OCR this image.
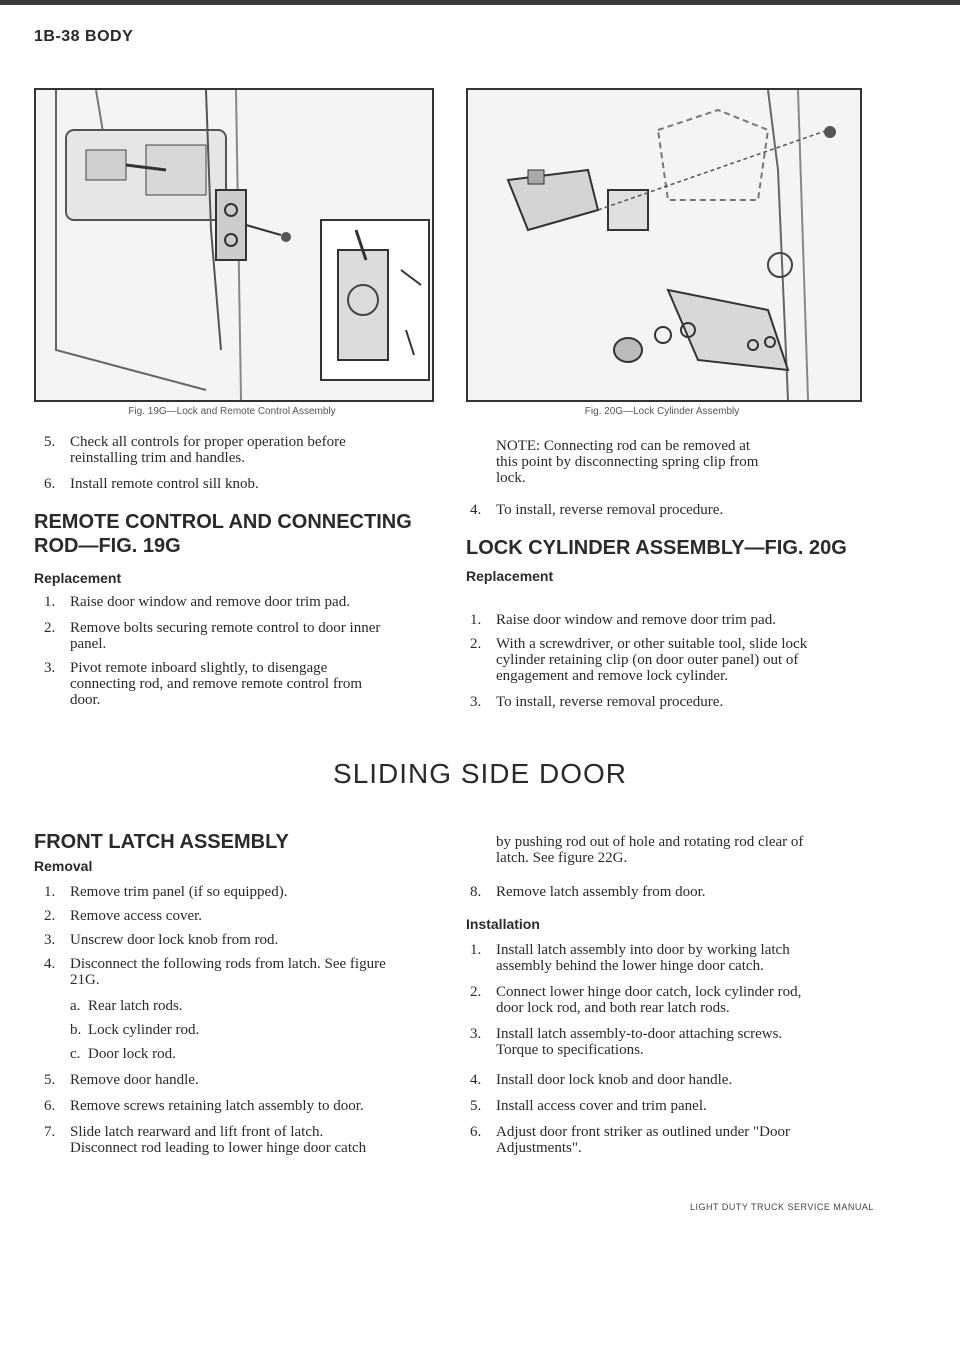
1B-38 BODY
Fig. 19G—Lock and Remote Control Assembly	Fig. 20G—Lock Cylinder Assembly
5. Check all controls for proper operation before
reinstalling trim and handles.
6. Install remote control sill knob.
REMOTE CONTROL AND CONNECTING
ROD—FIG. 19G
Replacement
1. Raise door window and remove door trim pad.
2. Remove bolts securing remote control to door inner
panel.
3. Pivot remote inboard slightly, to disengage
connecting rod, and remove remote control from
door.
NOTE: Connecting rod can be removed at
this point by disconnecting spring clip from
lock.
4. To install, reverse removal procedure.
LOCK CYLINDER ASSEMBLY—FIG. 20G
Replacement
1. Raise door window and remove door trim pad.
2. With a screwdriver, or other suitable tool, slide lock
cylinder retaining clip (on door outer panel) out of
engagement and remove lock cylinder.
3. To install, reverse removal procedure.
SLIDING SIDE DOOR
FRONT LATCH ASSEMBLY
Removal
1. Remove trim panel (if so equipped).
2. Remove access cover.
3. Unscrew door lock knob from rod.
4. Disconnect the following rods from latch. See figure
21G.
a. Rear latch rods.
b. Lock cylinder rod.
c. Door lock rod.
5. Remove door handle.
6. Remove screws retaining latch assembly to door.
7. Slide latch rearward and lift front of latch.
Disconnect rod leading to lower hinge door catch
by pushing rod out of hole and rotating rod clear of
latch. See figure 22G.
8. Remove latch assembly from door.
Installation
1. Install latch assembly into door by working latch
assembly behind the lower hinge door catch.
2. Connect lower hinge door catch, lock cylinder rod,
door lock rod, and both rear latch rods.
3. Install latch assembly-to-door attaching screws.
Torque to specifications.
4. Install door lock knob and door handle.
5. Install access cover and trim panel.
6. Adjust door front striker as outlined under "Door
Adjustments".
LIGHT DUTY TRUCK SERVICE MANUAL
